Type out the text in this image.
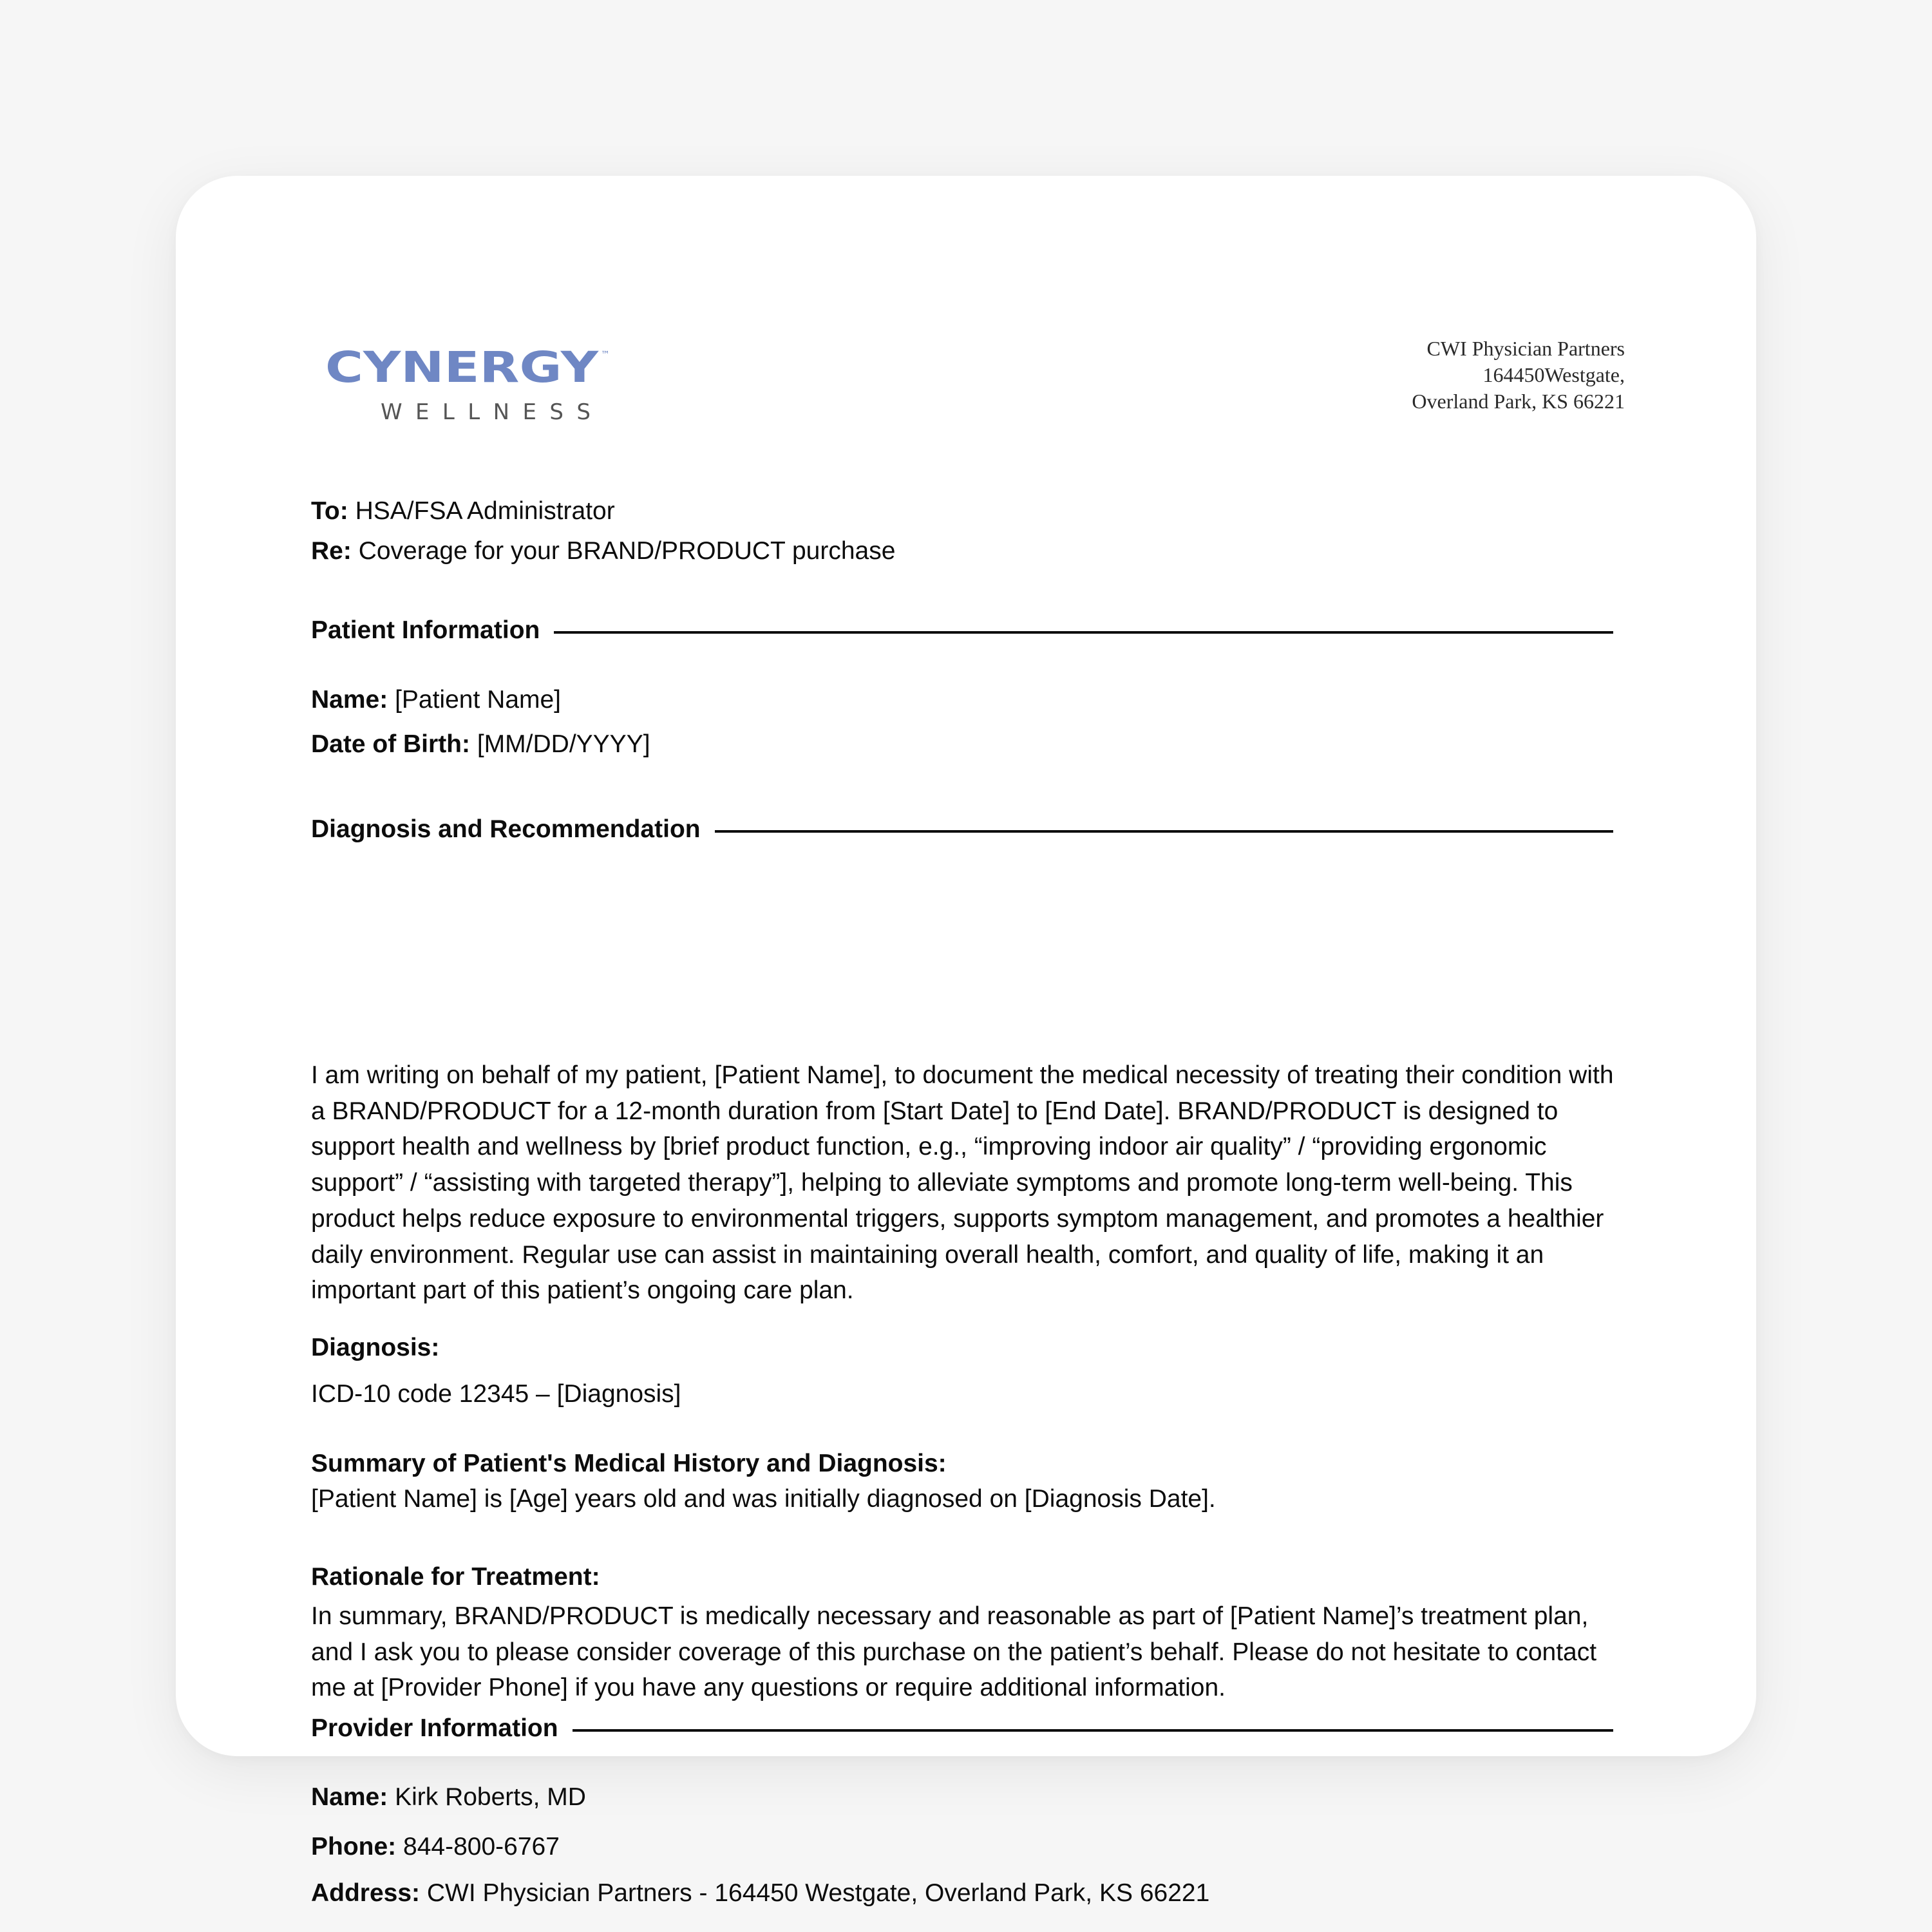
CYNERGY ™
WELLNESS
CWI Physician Partners
164450Westgate,
Overland Park, KS 66221
To: HSA/FSA Administrator
Re: Coverage for your BRAND/PRODUCT purchase
Patient Information
Name: [Patient Name]
Date of Birth: [MM/DD/YYYY]
Diagnosis and Recommendation
I am writing on behalf of my patient, [Patient Name], to document the medical necessity of treating their condition with a BRAND/PRODUCT for a 12-month duration from [Start Date] to [End Date]. BRAND/PRODUCT is designed to support health and wellness by [brief product function, e.g., “improving indoor air quality” / “providing ergonomic support” / “assisting with targeted therapy”], helping to alleviate symptoms and promote long-term well-being. This product helps reduce exposure to environmental triggers, supports symptom management, and promotes a healthier daily environment. Regular use can assist in maintaining overall health, comfort, and quality of life, making it an important part of this patient’s ongoing care plan.
Diagnosis:
ICD-10 code 12345 – [Diagnosis]
Summary of Patient's Medical History and Diagnosis:
[Patient Name] is [Age] years old and was initially diagnosed on [Diagnosis Date].
Rationale for Treatment:
In summary, BRAND/PRODUCT is medically necessary and reasonable as part of [Patient Name]’s treatment plan, and I ask you to please consider coverage of this purchase on the patient’s behalf. Please do not hesitate to contact me at [Provider Phone] if you have any questions or require additional information.
Provider Information
Name: Kirk Roberts, MD
Phone: 844-800-6767
Address: CWI Physician Partners - 164450 Westgate, Overland Park, KS 66221
